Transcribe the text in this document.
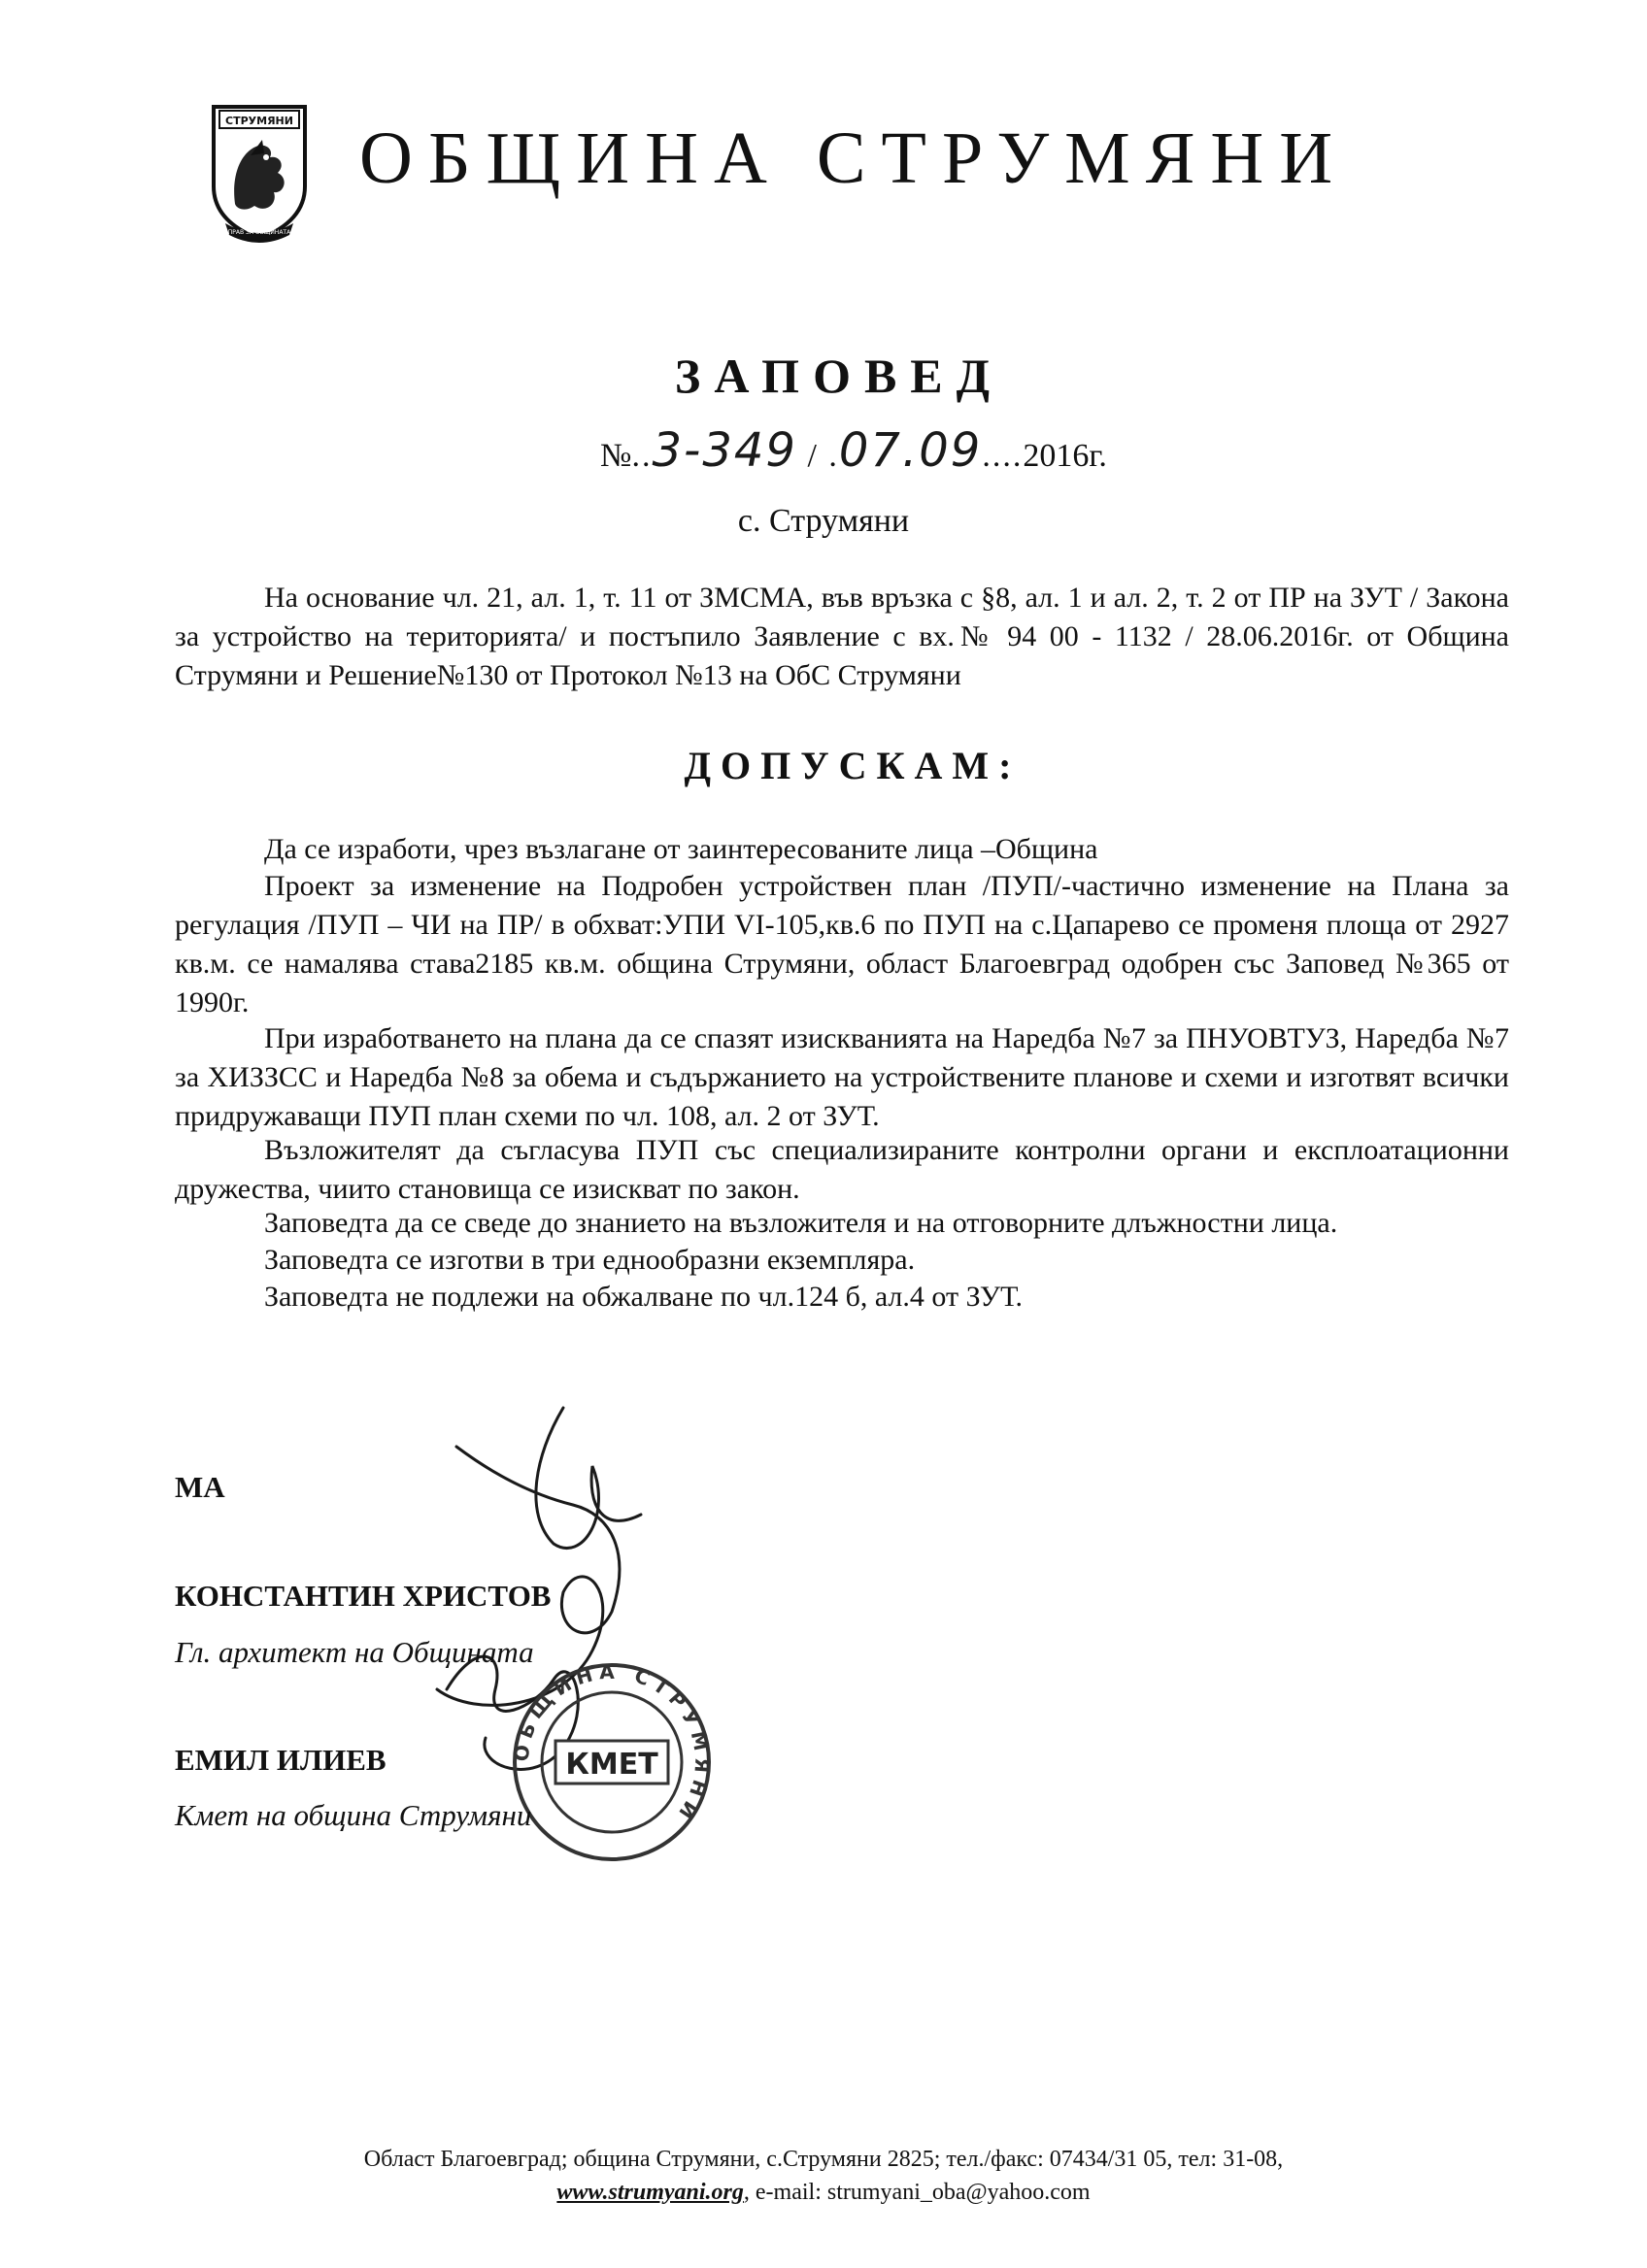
СТРУМЯНИ
ПРАВ ЗА ОБЩИНАТА
ОБЩИНА СТРУМЯНИ
ЗАПОВЕД
№..3-349 / .07.09....2016г.
с. Струмяни
На основание чл. 21, ал. 1, т. 11 от ЗМСМА, във връзка с §8, ал. 1 и ал. 2, т. 2 от ПР на ЗУТ / Закона за устройство на територията/ и постъпило Заявление с вх.№ 94 00 - 1132 / 28.06.2016г. от Община Струмяни и Решение№130 от Протокол №13 на ОбС Струмяни
ДОПУСКАМ:
Да се изработи, чрез възлагане от заинтересованите лица –Община
Проект за изменение на Подробен устройствен план /ПУП/-частично изменение на Плана за регулация /ПУП – ЧИ на ПР/ в обхват:УПИ VI-105,кв.6 по ПУП на с.Цапарево се променя площа от 2927 кв.м. се намалява става2185 кв.м. община Струмяни, област Благоевград одобрен със Заповед №365 от 1990г.
При изработването на плана да се спазят изискванията на Наредба №7 за ПНУОВТУЗ, Наредба №7 за ХИЗЗСС и Наредба №8 за обема и съдържанието на устройствените планове и схеми и изготвят всички придружаващи ПУП план схеми по чл. 108, ал. 2 от ЗУТ.
Възложителят да съгласува ПУП със специализираните контролни органи и експлоатационни дружества, чиито становища се изискват по закон.
Заповедта да се сведе до знанието на възложителя и на отговорните длъжностни лица.
Заповедта се изготви в три еднообразни екземпляра.
Заповедта не подлежи на обжалване по чл.124 б, ал.4 от ЗУТ.
ОБЩИНА СТРУМЯНИ
КМЕТ
МА
КОНСТАНТИН ХРИСТОВ
Гл. архитект на Общината
ЕМИЛ ИЛИЕВ
Кмет на община Струмяни
Област Благоевград; община Струмяни, с.Струмяни 2825; тел./факс: 07434/31 05, тел: 31-08,
www.strumyani.org, e-mail: strumyani_oba@yahoo.com
